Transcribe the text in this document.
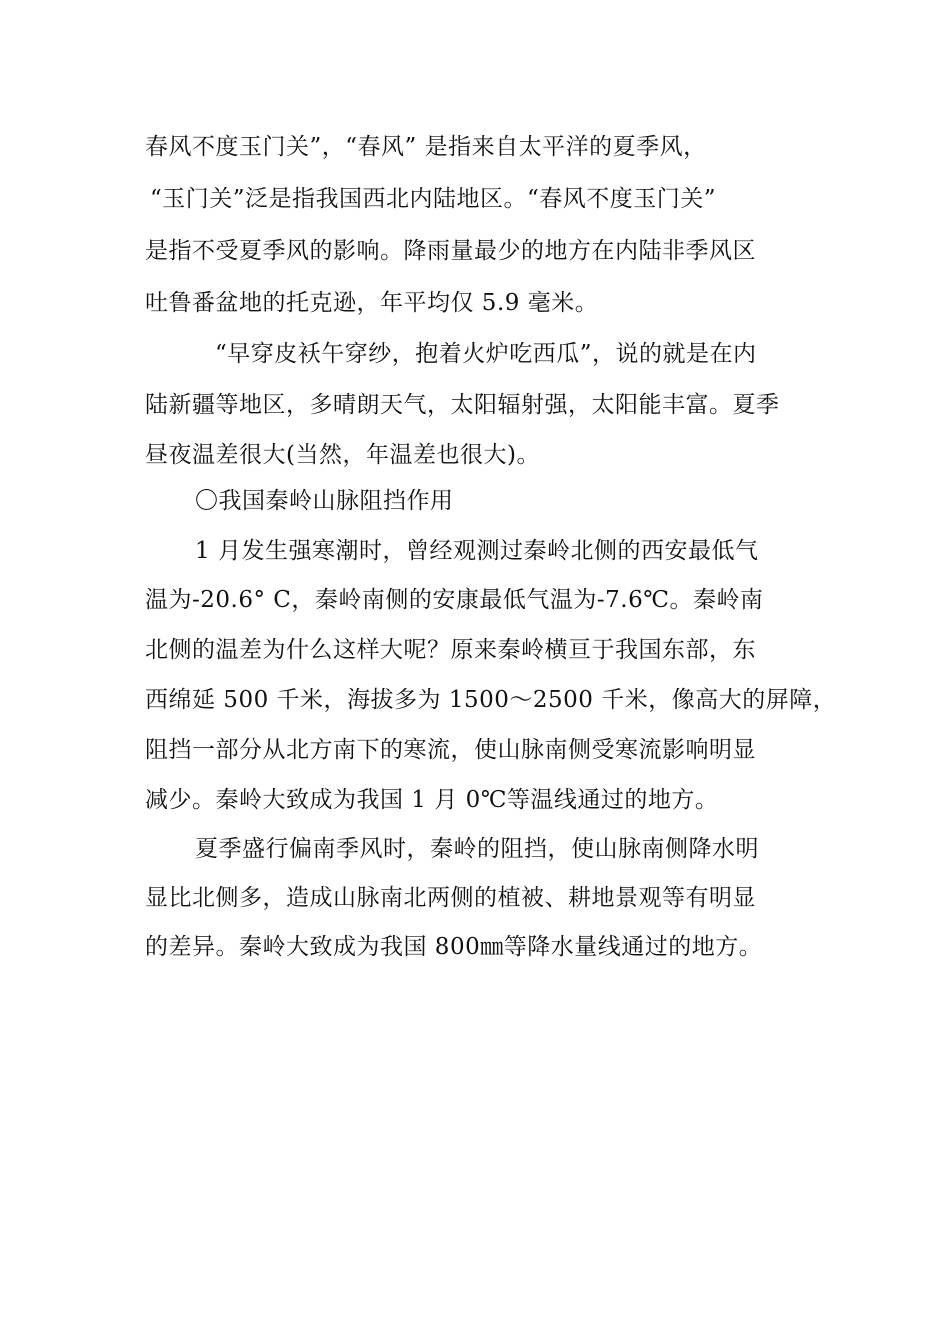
春风不度玉门关”，“春风” 是指来自太平洋的夏季风，
“玉门关”泛是指我国西北内陆地区。“春风不度玉门关”
是指不受夏季风的影响。降雨量最少的地方在内陆非季风区
吐鲁番盆地的托克逊，年平均仅 5.9 毫米。
“早穿皮袄午穿纱，抱着火炉吃西瓜”，说的就是在内
陆新疆等地区，多晴朗天气，太阳辐射强，太阳能丰富。夏季
昼夜温差很大(当然，年温差也很大)。
〇我国秦岭山脉阻挡作用
1 月发生强寒潮时，曾经观测过秦岭北侧的西安最低气
温为-20.6° C，秦岭南侧的安康最低气温为-7.6℃。秦岭南
北侧的温差为什么这样大呢？原来秦岭横亘于我国东部，东
西绵延 500 千米，海拔多为 1500～2500 千米，像高大的屏障，
阻挡一部分从北方南下的寒流，使山脉南侧受寒流影响明显
减少。秦岭大致成为我国 1 月 0℃等温线通过的地方。
夏季盛行偏南季风时，秦岭的阻挡，使山脉南侧降水明
显比北侧多，造成山脉南北两侧的植被、耕地景观等有明显
的差异。秦岭大致成为我国 800㎜等降水量线通过的地方。
